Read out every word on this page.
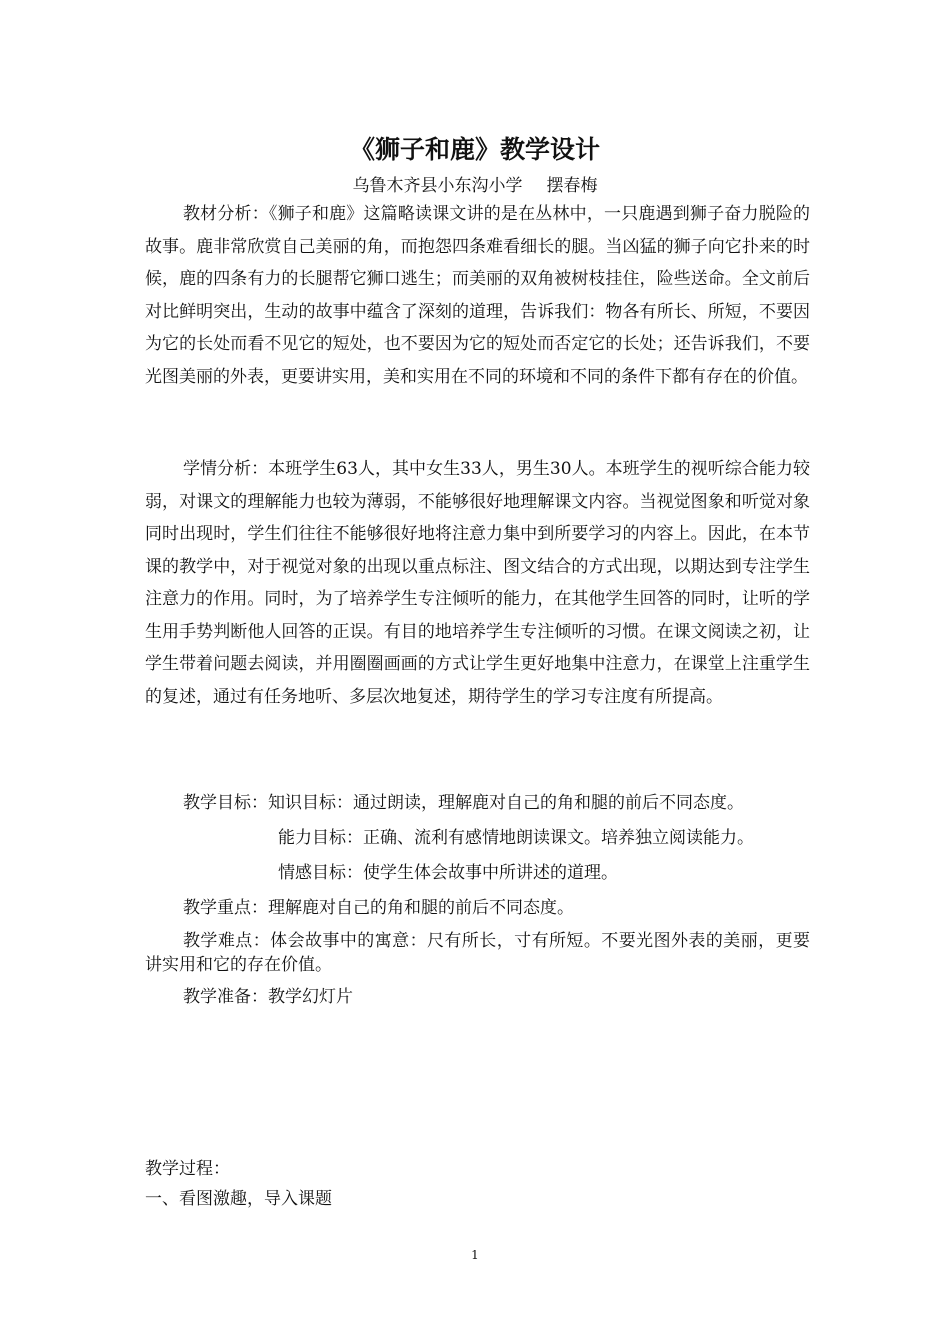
《狮子和鹿》教学设计
乌鲁木齐县小东沟小学 摆春梅

教材分析：《狮子和鹿》这篇略读课文讲的是在丛林中，一只鹿遇到狮子奋力脱险的故事。鹿非常欣赏自己美丽的角，而抱怨四条难看细长的腿。当凶猛的狮子向它扑来的时候，鹿的四条有力的长腿帮它狮口逃生；而美丽的双角被树枝挂住，险些送命。全文前后对比鲜明突出，生动的故事中蕴含了深刻的道理，告诉我们：物各有所长、所短，不要因为它的长处而看不见它的短处，也不要因为它的短处而否定它的长处；还告诉我们，不要光图美丽的外表，更要讲实用，美和实用在不同的环境和不同的条件下都有存在的价值。

学情分析：本班学生63人，其中女生33人，男生30人。本班学生的视听综合能力较弱，对课文的理解能力也较为薄弱，不能够很好地理解课文内容。当视觉图象和听觉对象同时出现时，学生们往往不能够很好地将注意力集中到所要学习的内容上。因此，在本节课的教学中，对于视觉对象的出现以重点标注、图文结合的方式出现，以期达到专注学生注意力的作用。同时，为了培养学生专注倾听的能力，在其他学生回答的同时，让听的学生用手势判断他人回答的正误。有目的地培养学生专注倾听的习惯。在课文阅读之初，让学生带着问题去阅读，并用圈圈画画的方式让学生更好地集中注意力，在课堂上注重学生的复述，通过有任务地听、多层次地复述，期待学生的学习专注度有所提高。

教学目标：知识目标：通过朗读，理解鹿对自己的角和腿的前后不同态度。
能力目标：正确、流利有感情地朗读课文。培养独立阅读能力。
情感目标：使学生体会故事中所讲述的道理。
教学重点：理解鹿对自己的角和腿的前后不同态度。

教学难点：体会故事中的寓意：尺有所长，寸有所短。不要光图外表的美丽，更要讲实用和它的存在价值。

教学准备：教学幻灯片
教学过程：
一、看图激趣，导入课题
1
